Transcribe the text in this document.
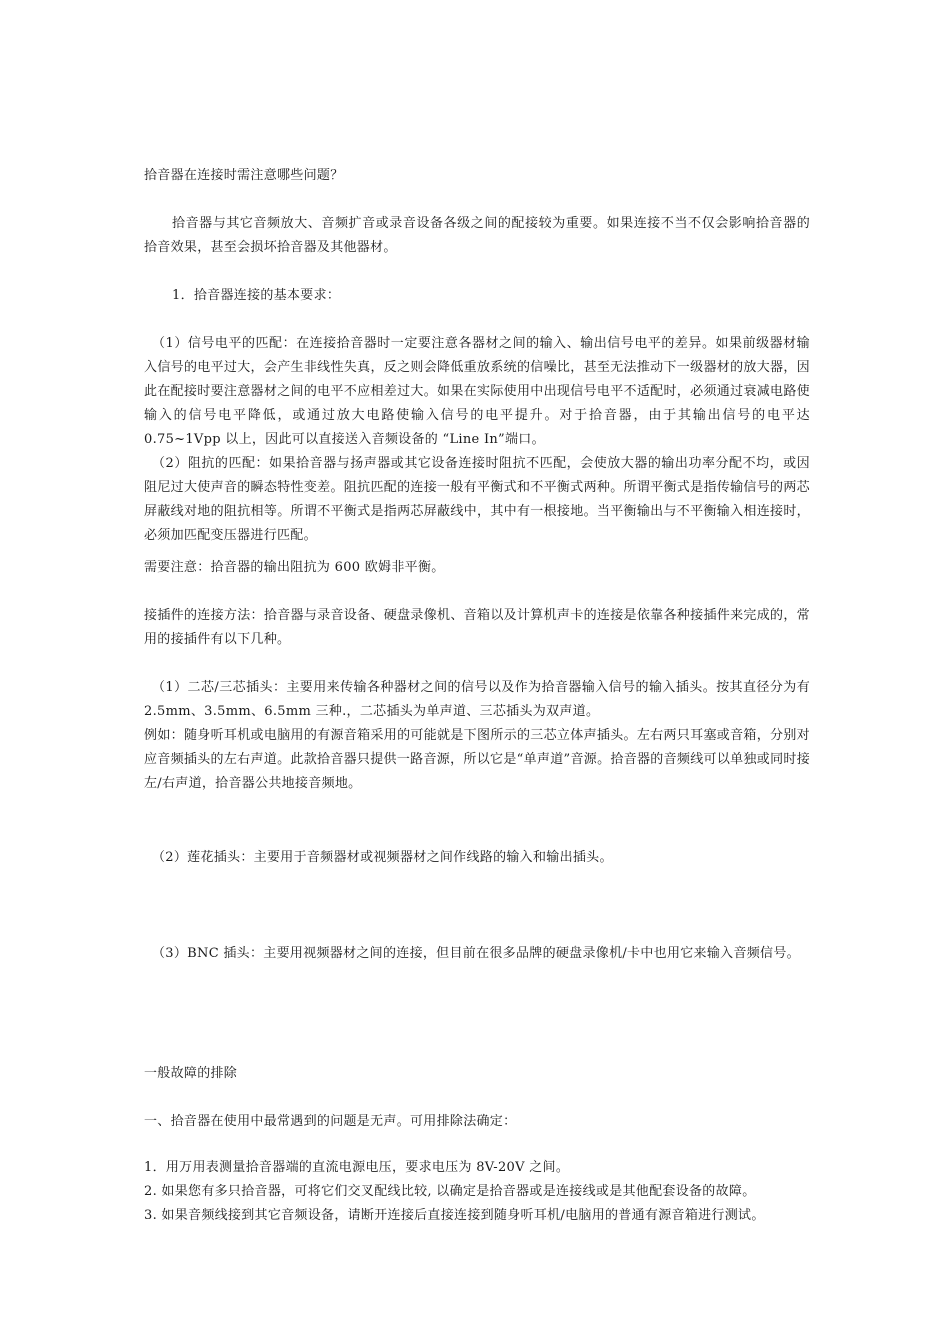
拾音器在连接时需注意哪些问题？
拾音器与其它音频放大、音频扩音或录音设备各级之间的配接较为重要。如果连接不当不仅会影响拾音器的拾音效果，甚至会损坏拾音器及其他器材。
1．拾音器连接的基本要求：
（1）信号电平的匹配：在连接拾音器时一定要注意各器材之间的输入、输出信号电平的差异。如果前级器材输入信号的电平过大，会产生非线性失真，反之则会降低重放系统的信噪比，甚至无法推动下一级器材的放大器，因此在配接时要注意器材之间的电平不应相差过大。如果在实际使用中出现信号电平不适配时，必须通过衰减电路使输入的信号电平降低，或通过放大电路使输入信号的电平提升。对于拾音器，由于其输出信号的电平达 0.75~1Vpp 以上，因此可以直接送入音频设备的 “Line In”端口。
（2）阻抗的匹配：如果拾音器与扬声器或其它设备连接时阻抗不匹配，会使放大器的输出功率分配不均，或因阻尼过大使声音的瞬态特性变差。阻抗匹配的连接一般有平衡式和不平衡式两种。所谓平衡式是指传输信号的两芯屏蔽线对地的阻抗相等。所谓不平衡式是指两芯屏蔽线中，其中有一根接地。当平衡输出与不平衡输入相连接时，必须加匹配变压器进行匹配。
需要注意：拾音器的输出阻抗为 600 欧姆非平衡。
接插件的连接方法：拾音器与录音设备、硬盘录像机、音箱以及计算机声卡的连接是依靠各种接插件来完成的，常用的接插件有以下几种。
（1）二芯/三芯插头：主要用来传输各种器材之间的信号以及作为拾音器输入信号的输入插头。按其直径分为有 2.5mm、3.5mm、6.5mm 三种.，二芯插头为单声道、三芯插头为双声道。
例如：随身听耳机或电脑用的有源音箱采用的可能就是下图所示的三芯立体声插头。左右两只耳塞或音箱，分别对应音频插头的左右声道。此款拾音器只提供一路音源，所以它是“单声道”音源。拾音器的音频线可以单独或同时接左/右声道，拾音器公共地接音频地。
（2）莲花插头：主要用于音频器材或视频器材之间作线路的输入和输出插头。
（3）BNC 插头：主要用视频器材之间的连接，但目前在很多品牌的硬盘录像机/卡中也用它来输入音频信号。
一般故障的排除
一、拾音器在使用中最常遇到的问题是无声。可用排除法确定：
1．用万用表测量拾音器端的直流电源电压，要求电压为 8V-20V 之间。
2. 如果您有多只拾音器，可将它们交叉配线比较, 以确定是拾音器或是连接线或是其他配套设备的故障。
3. 如果音频线接到其它音频设备，请断开连接后直接连接到随身听耳机/电脑用的普通有源音箱进行测试。
